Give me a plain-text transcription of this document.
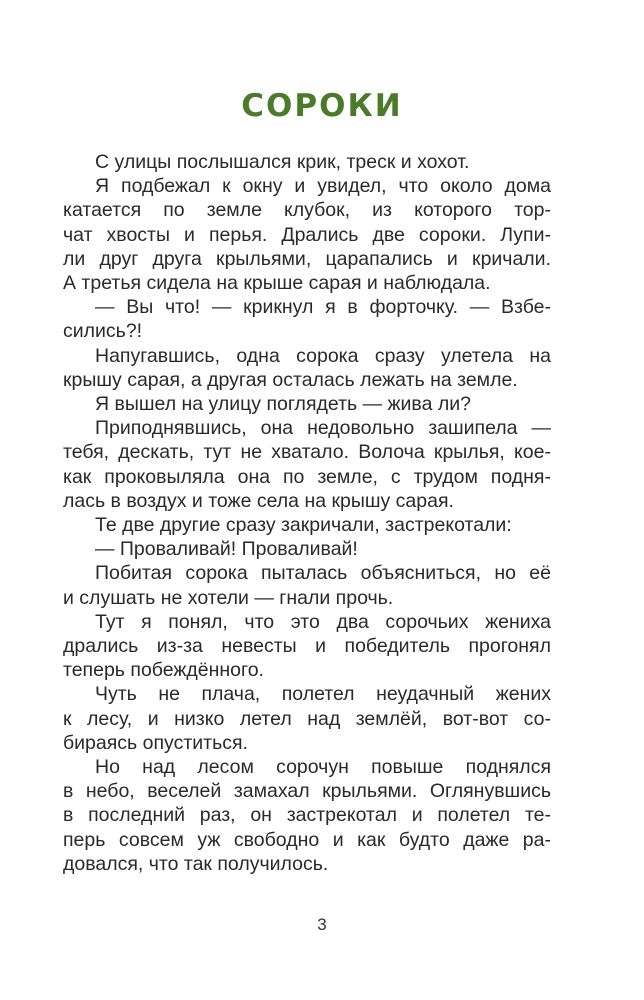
СОРОКИ
С улицы послышался крик, треск и хохот.
Я подбежал к окну и увидел, что около дома
катается по земле клубок, из которого тор-
чат хвосты и перья. Дрались две сороки. Лупи-
ли друг друга крыльями, царапались и кричали.
А третья сидела на крыше сарая и наблюдала.
— Вы что! — крикнул я в форточку. — Взбе-
сились?!
Напугавшись, одна сорока сразу улетела на
крышу сарая, а другая осталась лежать на земле.
Я вышел на улицу поглядеть — жива ли?
Приподнявшись, она недовольно зашипела —
тебя, дескать, тут не хватало. Волоча крылья, кое-
как проковыляла она по земле, с трудом подня-
лась в воздух и тоже села на крышу сарая.
Те две другие сразу закричали, застрекотали:
— Проваливай! Проваливай!
Побитая сорока пыталась объясниться, но её
и слушать не хотели — гнали прочь.
Тут я понял, что это два сорочьих жениха
дрались из-за невесты и победитель прогонял
теперь побеждённого.
Чуть не плача, полетел неудачный жених
к лесу, и низко летел над землёй, вот-вот со-
бираясь опуститься.
Но над лесом сорочун повыше поднялся
в небо, веселей замахал крыльями. Оглянувшись
в последний раз, он застрекотал и полетел те-
перь совсем уж свободно и как будто даже ра-
довался, что так получилось.
3
